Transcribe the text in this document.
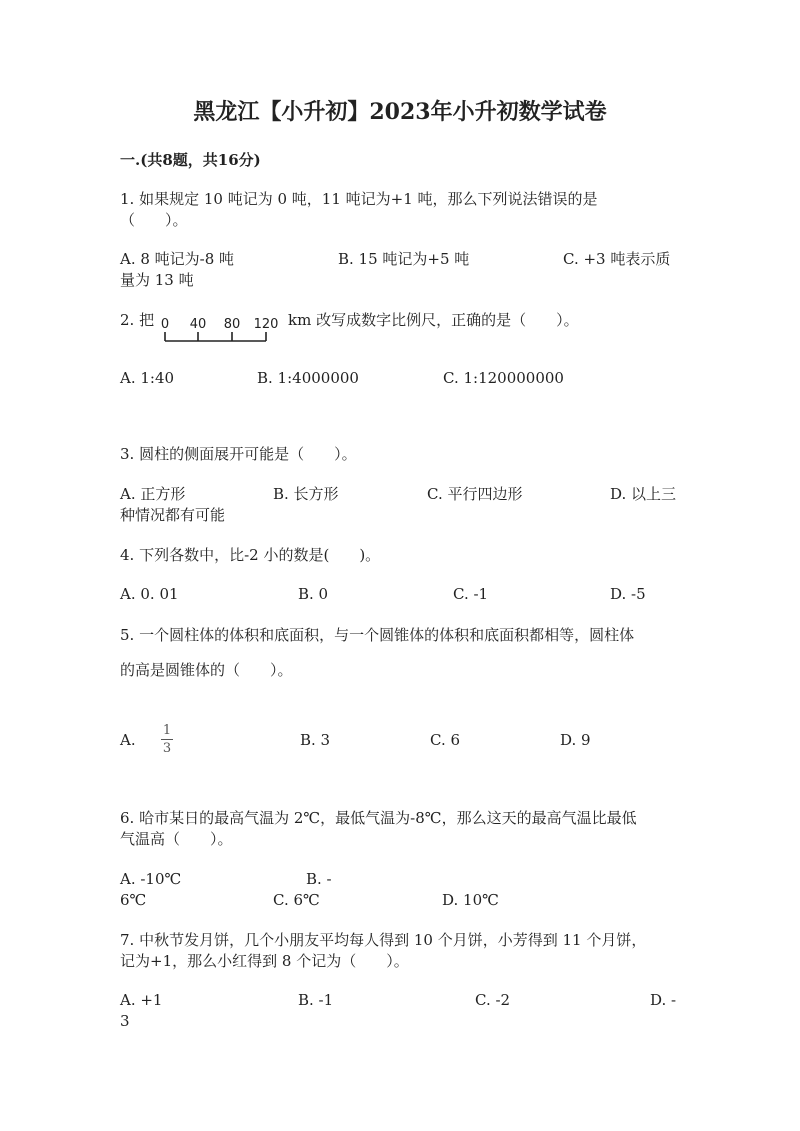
黑龙江【小升初】2023年小升初数学试卷
一.(共8题，共16分)
1. 如果规定 10 吨记为 0 吨，11 吨记为+1 吨，那么下列说法错误的是
（　　）。
A. 8 吨记为-8 吨	B. 15 吨记为+5 吨	C. +3 吨表示质
量为 13 吨
2. 把 0 40 80 120 km 改写成数字比例尺，正确的是（　　）。
A. 1:40	B. 1:4000000	C. 1:120000000
3. 圆柱的侧面展开可能是（　　）。
A. 正方形	B. 长方形	C. 平行四边形	D. 以上三
种情况都有可能
4. 下列各数中，比-2 小的数是(　　)。
A. 0. 01	B. 0	C. -1	D. -5
5. 一个圆柱体的体积和底面积，与一个圆锥体的体积和底面积都相等，圆柱体
的高是圆锥体的（　　）。
A.
1
3	B. 3	C. 6	D. 9
6. 哈市某日的最高气温为 2℃，最低气温为-8℃，那么这天的最高气温比最低
气温高（　　）。
A. -10℃	B. -
6℃	C. 6℃	D. 10℃
7. 中秋节发月饼，几个小朋友平均每人得到 10 个月饼，小芳得到 11 个月饼，
记为+1，那么小红得到 8 个记为（　　）。
A. +1	B. -1	C. -2	D. -
3
